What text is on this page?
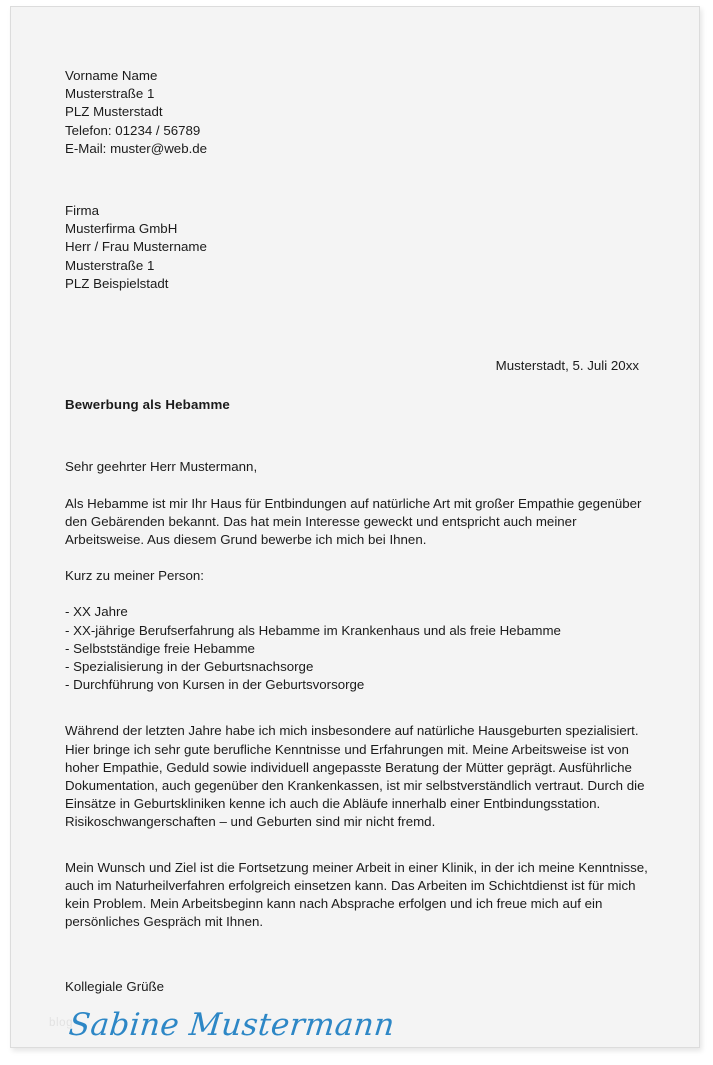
Vorname Name
Musterstraße 1
PLZ Musterstadt
Telefon: 01234 / 56789
E-Mail: muster@web.de
Firma
Musterfirma GmbH
Herr / Frau Mustername
Musterstraße 1
PLZ Beispielstadt
Musterstadt, 5. Juli 20xx
Bewerbung als Hebamme
Sehr geehrter Herr Mustermann,
Als Hebamme ist mir Ihr Haus für Entbindungen auf natürliche Art mit großer Empathie gegenüber den Gebärenden bekannt. Das hat mein Interesse geweckt und entspricht auch meiner Arbeitsweise. Aus diesem Grund bewerbe ich mich bei Ihnen.
Kurz zu meiner Person:
- XX Jahre
- XX-jährige Berufserfahrung als Hebamme im Krankenhaus und als freie Hebamme
- Selbstständige freie Hebamme
- Spezialisierung in der Geburtsnachsorge
- Durchführung von Kursen in der Geburtsvorsorge
Während der letzten Jahre habe ich mich insbesondere auf natürliche Hausgeburten spezialisiert. Hier bringe ich sehr gute berufliche Kenntnisse und Erfahrungen mit. Meine Arbeitsweise ist von hoher Empathie, Geduld sowie individuell angepasste Beratung der Mütter geprägt. Ausführliche Dokumentation, auch gegenüber den Krankenkassen, ist mir selbstverständlich vertraut. Durch die Einsätze in Geburtskliniken kenne ich auch die Abläufe innerhalb einer Entbindungsstation. Risikoschwangerschaften – und Geburten sind mir nicht fremd.
Mein Wunsch und Ziel ist die Fortsetzung meiner Arbeit in einer Klinik, in der ich meine Kenntnisse, auch im Naturheilverfahren erfolgreich einsetzen kann. Das Arbeiten im Schichtdienst ist für mich kein Problem. Mein Arbeitsbeginn kann nach Absprache erfolgen und ich freue mich auf ein persönliches Gespräch mit Ihnen.
Kollegiale Grüße
Sabine Mustermann
blog
